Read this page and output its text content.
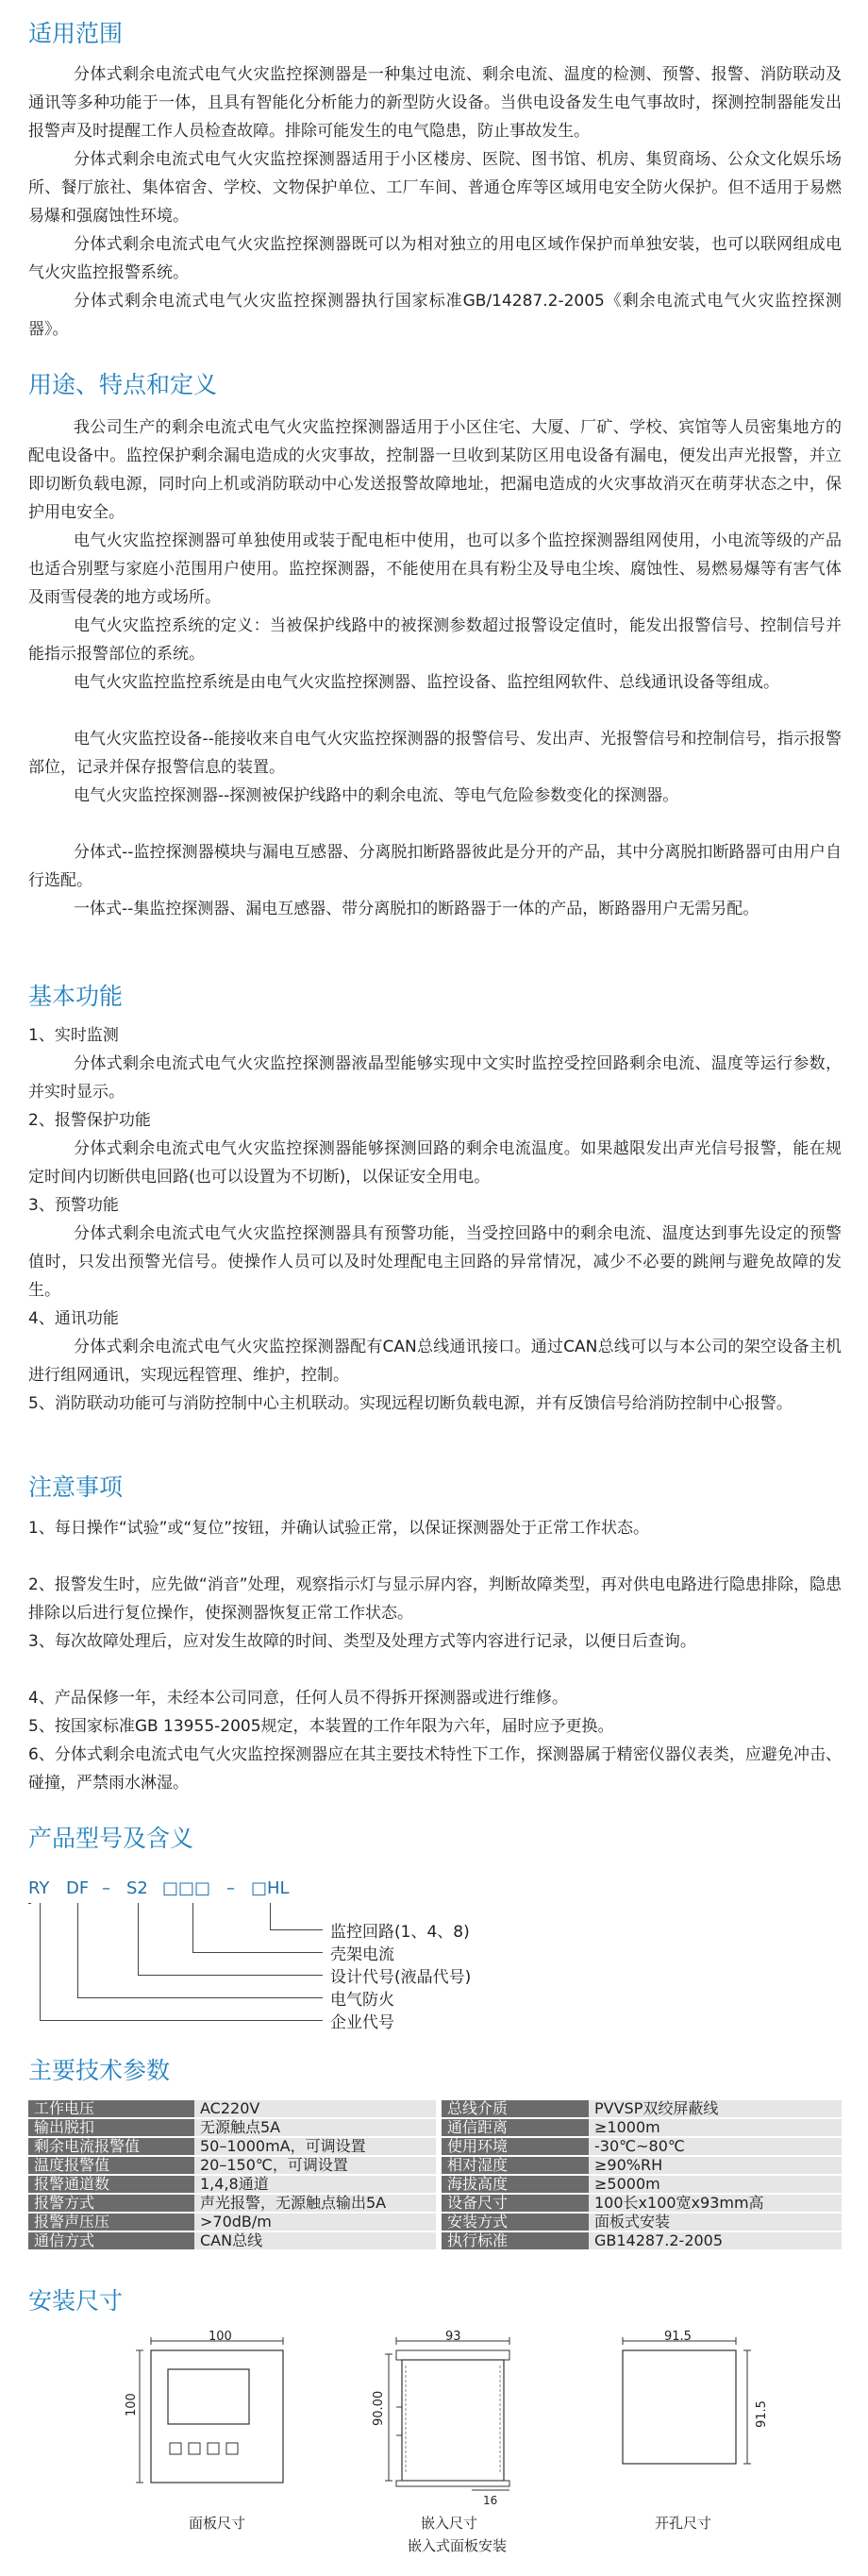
适用范围

分体式剩余电流式电气火灾监控探测器是一种集过电流、剩余电流、温度的检测、预警、报警、消防联动及通讯等多种功能于一体，且具有智能化分析能力的新型防火设备。当供电设备发生电气事故时，探测控制器能发出报警声及时提醒工作人员检查故障。排除可能发生的电气隐患，防止事故发生。

分体式剩余电流式电气火灾监控探测器适用于小区楼房、医院、图书馆、机房、集贸商场、公众文化娱乐场所、餐厅旅社、集体宿舍、学校、文物保护单位、工厂车间、普通仓库等区域用电安全防火保护。但不适用于易燃易爆和强腐蚀性环境。

分体式剩余电流式电气火灾监控探测器既可以为相对独立的用电区域作保护而单独安装，也可以联网组成电气火灾监控报警系统。

分体式剩余电流式电气火灾监控探测器执行国家标准GB/14287.2-2005《剩余电流式电气火灾监控探测器》。

用途、特点和定义

我公司生产的剩余电流式电气火灾监控探测器适用于小区住宅、大厦、厂矿、学校、宾馆等人员密集地方的配电设备中。监控保护剩余漏电造成的火灾事故，控制器一旦收到某防区用电设备有漏电，便发出声光报警，并立即切断负载电源，同时向上机或消防联动中心发送报警故障地址，把漏电造成的火灾事故消灭在萌芽状态之中，保护用电安全。

电气火灾监控探测器可单独使用或装于配电柜中使用，也可以多个监控探测器组网使用，小电流等级的产品也适合别墅与家庭小范围用户使用。监控探测器，不能使用在具有粉尘及导电尘埃、腐蚀性、易燃易爆等有害气体及雨雪侵袭的地方或场所。

电气火灾监控系统的定义：当被保护线路中的被探测参数超过报警设定值时，能发出报警信号、控制信号并能指示报警部位的系统。

电气火灾监控监控系统是由电气火灾监控探测器、监控设备、监控组网软件、总线通讯设备等组成。

电气火灾监控设备--能接收来自电气火灾监控探测器的报警信号、发出声、光报警信号和控制信号，指示报警部位，记录并保存报警信息的装置。

电气火灾监控探测器--探测被保护线路中的剩余电流、等电气危险参数变化的探测器。

分体式--监控探测器模块与漏电互感器、分离脱扣断路器彼此是分开的产品，其中分离脱扣断路器可由用户自行选配。

一体式--集监控探测器、漏电互感器、带分离脱扣的断路器于一体的产品，断路器用户无需另配。

基本功能

1、实时监测

分体式剩余电流式电气火灾监控探测器液晶型能够实现中文实时监控受控回路剩余电流、温度等运行参数，并实时显示。

2、报警保护功能

分体式剩余电流式电气火灾监控探测器能够探测回路的剩余电流温度。如果越限发出声光信号报警，能在规定时间内切断供电回路(也可以设置为不切断)，以保证安全用电。

3、预警功能

分体式剩余电流式电气火灾监控探测器具有预警功能，当受控回路中的剩余电流、温度达到事先设定的预警值时，只发出预警光信号。使操作人员可以及时处理配电主回路的异常情况，减少不必要的跳闸与避免故障的发生。

4、通讯功能

分体式剩余电流式电气火灾监控探测器配有CAN总线通讯接口。通过CAN总线可以与本公司的架空设备主机进行组网通讯，实现远程管理、维护，控制。

5、消防联动功能可与消防控制中心主机联动。实现远程切断负载电源，并有反馈信号给消防控制中心报警。

注意事项

1、每日操作“试验”或“复位”按钮，并确认试验正常，以保证探测器处于正常工作状态。

2、报警发生时，应先做“消音”处理，观察指示灯与显示屏内容，判断故障类型，再对供电电路进行隐患排除，隐患排除以后进行复位操作，使探测器恢复正常工作状态。

3、每次故障处理后，应对发生故障的时间、类型及处理方式等内容进行记录，以便日后查询。

4、产品保修一年，未经本公司同意，任何人员不得拆开探测器或进行维修。

5、按国家标准GB 13955-2005规定，本装置的工作年限为六年，届时应予更换。

6、分体式剩余电流式电气火灾监控探测器应在其主要技术特性下工作，探测器属于精密仪器仪表类，应避免冲击、碰撞，严禁雨水淋湿。

产品型号及含义
RY DF – S2 □□□ – □HL
监控回路(1、4、8)
壳架电流
设计代号(液晶代号)
电气防火
企业代号
主要技术参数
工作电压	AC220V	总线介质	PVVSP双绞屏蔽线
输出脱扣	无源触点5A	通信距离	≥1000m
剩余电流报警值	50–1000mA，可调设置	使用环境	-30℃~80℃
温度报警值	20–150℃，可调设置	相对湿度	≥90%RH
报警通道数	1,4,8通道	海拔高度	≥5000m
报警方式	声光报警，无源触点输出5A	设备尺寸	100长x100宽x93mm高
报警声压压	>70dB/m	安装方式	面板式安装
通信方式	CAN总线	执行标准	GB14287.2-2005
安装尺寸
100
100
面板尺寸
93
90.00
16
嵌入尺寸
嵌入式面板安装
91.5
91.5
开孔尺寸
